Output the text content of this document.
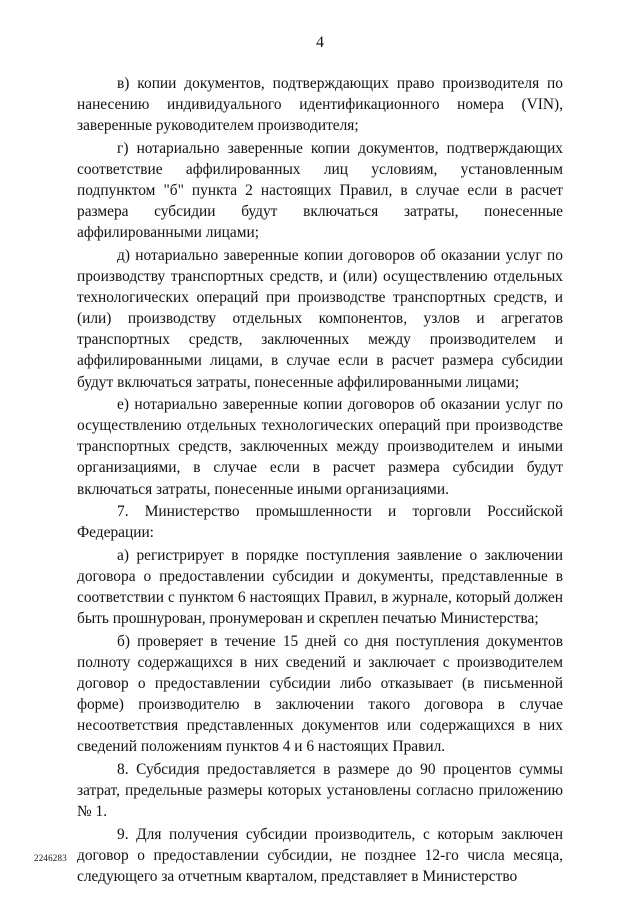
4

в) копии документов, подтверждающих право производителя по нанесению индивидуального идентификационного номера (VIN), заверенные руководителем производителя;

г) нотариально заверенные копии документов, подтверждающих соответствие аффилированных лиц условиям, установленным подпунктом "б" пункта 2 настоящих Правил, в случае если в расчет размера субсидии будут включаться затраты, понесенные аффилированными лицами;

д) нотариально заверенные копии договоров об оказании услуг по производству транспортных средств, и (или) осуществлению отдельных технологических операций при производстве транспортных средств, и (или) производству отдельных компонентов, узлов и агрегатов транспортных средств, заключенных между производителем и аффилированными лицами, в случае если в расчет размера субсидии будут включаться затраты, понесенные аффилированными лицами;

е) нотариально заверенные копии договоров об оказании услуг по осуществлению отдельных технологических операций при производстве транспортных средств, заключенных между производителем и иными организациями, в случае если в расчет размера субсидии будут включаться затраты, понесенные иными организациями.

7. Министерство промышленности и торговли Российской Федерации:

а) регистрирует в порядке поступления заявление о заключении договора о предоставлении субсидии и документы, представленные в соответствии с пунктом 6 настоящих Правил, в журнале, который должен быть прошнурован, пронумерован и скреплен печатью Министерства;

б) проверяет в течение 15 дней со дня поступления документов полноту содержащихся в них сведений и заключает с производителем договор о предоставлении субсидии либо отказывает (в письменной форме) производителю в заключении такого договора в случае несоответствия представленных документов или содержащихся в них сведений положениям пунктов 4 и 6 настоящих Правил.

8. Субсидия предоставляется в размере до 90 процентов суммы затрат, предельные размеры которых установлены согласно приложению № 1.

9. Для получения субсидии производитель, с которым заключен договор о предоставлении субсидии, не позднее 12-го числа месяца, следующего за отчетным кварталом, представляет в Министерство

2246283
